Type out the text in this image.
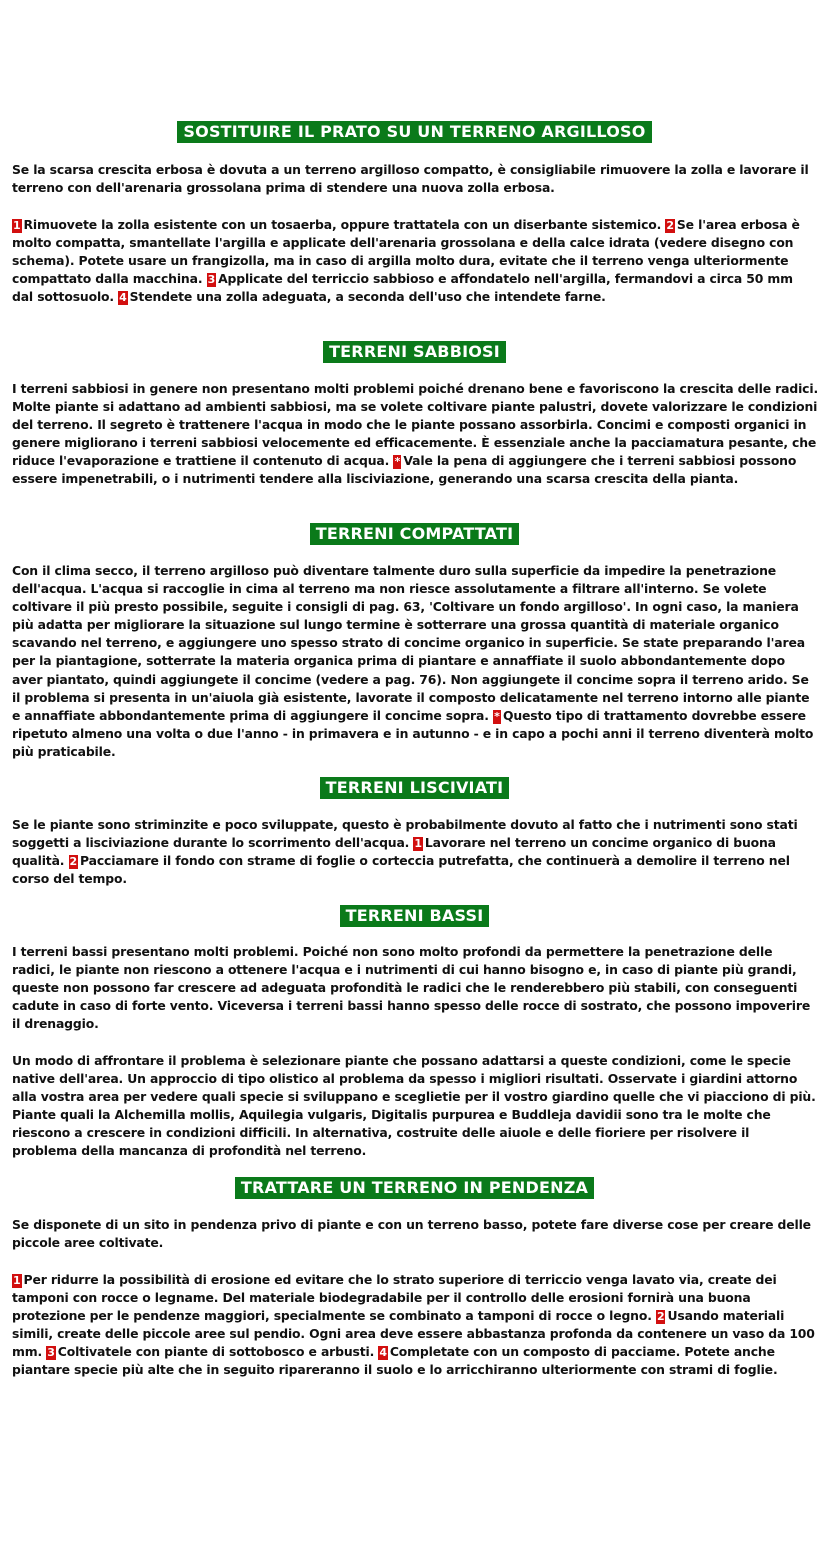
SOSTITUIRE IL PRATO SU UN TERRENO ARGILLOSO

Se la scarsa crescita erbosa è dovuta a un terreno argilloso compatto, è consigliabile rimuovere la zolla e lavorare il terreno con dell'arenaria grossolana prima di stendere una nuova zolla erbosa.

1 Rimuovete la zolla esistente con un tosaerba, oppure trattatela con un diserbante sistemico. 2 Se l'area erbosa è molto compatta, smantellate l'argilla e applicate dell'arenaria grossolana e della calce idrata (vedere disegno con schema). Potete usare un frangizolla, ma in caso di argilla molto dura, evitate che il terreno venga ulteriormente compattato dalla macchina. 3 Applicate del terriccio sabbioso e affondatelo nell'argilla, fermandovi a circa 50 mm dal sottosuolo. 4 Stendete una zolla adeguata, a seconda dell'uso che intendete farne.

TERRENI SABBIOSI

I terreni sabbiosi in genere non presentano molti problemi poiché drenano bene e favoriscono la crescita delle radici. Molte piante si adattano ad ambienti sabbiosi, ma se volete coltivare piante palustri, dovete valorizzare le condizioni del terreno. Il segreto è trattenere l'acqua in modo che le piante possano assorbirla. Concimi e composti organici in genere migliorano i terreni sabbiosi velocemente ed efficacemente. È essenziale anche la pacciamatura pesante, che riduce l'evaporazione e trattiene il contenuto di acqua. * Vale la pena di aggiungere che i terreni sabbiosi possono essere impenetrabili, o i nutrimenti tendere alla lisciviazione, generando una scarsa crescita della pianta.

TERRENI COMPATTATI

Con il clima secco, il terreno argilloso può diventare talmente duro sulla superficie da impedire la penetrazione dell'acqua. L'acqua si raccoglie in cima al terreno ma non riesce assolutamente a filtrare all'interno. Se volete coltivare il più presto possibile, seguite i consigli di pag. 63, 'Coltivare un fondo argilloso'. In ogni caso, la maniera più adatta per migliorare la situazione sul lungo termine è sotterrare una grossa quantità di materiale organico scavando nel terreno, e aggiungere uno spesso strato di concime organico in superficie. Se state preparando l'area per la piantagione, sotterrate la materia organica prima di piantare e annaffiate il suolo abbondantemente dopo aver piantato, quindi aggiungete il concime (vedere a pag. 76). Non aggiungete il concime sopra il terreno arido. Se il problema si presenta in un'aiuola già esistente, lavorate il composto delicatamente nel terreno intorno alle piante e annaffiate abbondantemente prima di aggiungere il concime sopra. * Questo tipo di trattamento dovrebbe essere ripetuto almeno una volta o due l'anno - in primavera e in autunno - e in capo a pochi anni il terreno diventerà molto più praticabile.

TERRENI LISCIVIATI

Se le piante sono striminzite e poco sviluppate, questo è probabilmente dovuto al fatto che i nutrimenti sono stati soggetti a lisciviazione durante lo scorrimento dell'acqua. 1 Lavorare nel terreno un concime organico di buona qualità. 2 Pacciamare il fondo con strame di foglie o corteccia putrefatta, che continuerà a demolire il terreno nel corso del tempo.

TERRENI BASSI

I terreni bassi presentano molti problemi. Poiché non sono molto profondi da permettere la penetrazione delle radici, le piante non riescono a ottenere l'acqua e i nutrimenti di cui hanno bisogno e, in caso di piante più grandi, queste non possono far crescere ad adeguata profondità le radici che le renderebbero più stabili, con conseguenti cadute in caso di forte vento. Viceversa i terreni bassi hanno spesso delle rocce di sostrato, che possono impoverire il drenaggio.

Un modo di affrontare il problema è selezionare piante che possano adattarsi a queste condizioni, come le specie native dell'area. Un approccio di tipo olistico al problema da spesso i migliori risultati. Osservate i giardini attorno alla vostra area per vedere quali specie si sviluppano e sceglietie per il vostro giardino quelle che vi piacciono di più. Piante quali la Alchemilla mollis, Aquilegia vulgaris, Digitalis purpurea e Buddleja davidii sono tra le molte che riescono a crescere in condizioni difficili. In alternativa, costruite delle aiuole e delle fioriere per risolvere il problema della mancanza di profondità nel terreno.

TRATTARE UN TERRENO IN PENDENZA

Se disponete di un sito in pendenza privo di piante e con un terreno basso, potete fare diverse cose per creare delle piccole aree coltivate.

1 Per ridurre la possibilità di erosione ed evitare che lo strato superiore di terriccio venga lavato via, create dei tamponi con rocce o legname. Del materiale biodegradabile per il controllo delle erosioni fornirà una buona protezione per le pendenze maggiori, specialmente se combinato a tamponi di rocce o legno. 2 Usando materiali simili, create delle piccole aree sul pendio. Ogni area deve essere abbastanza profonda da contenere un vaso da 100 mm. 3 Coltivatele con piante di sottobosco e arbusti. 4 Completate con un composto di pacciame. Potete anche piantare specie più alte che in seguito ripareranno il suolo e lo arricchiranno ulteriormente con strami di foglie.
